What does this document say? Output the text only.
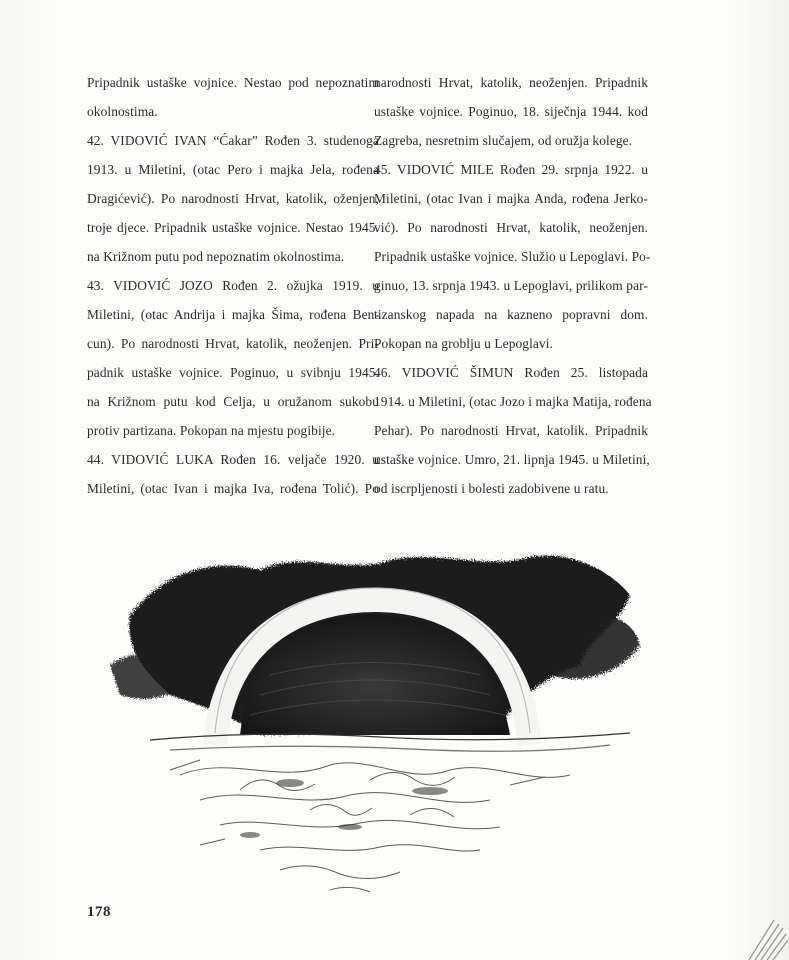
Pripadnik ustaške vojnice. Nestao pod nepoznatim
okolnostima.
42. VIDOVIĆ IVAN “Ćakar” Rođen 3. studenoga
1913. u Miletini, (otac Pero i majka Jela, rođena
Dragićević). Po narodnosti Hrvat, katolik, oženjen,
troje djece. Pripadnik ustaške vojnice. Nestao 1945.
na Križnom putu pod nepoznatim okolnostima.
43. VIDOVIĆ JOZO Rođen 2. ožujka 1919. u
Miletini, (otac Andrija i majka Šima, rođena Ben-
cun). Po narodnosti Hrvat, katolik, neoženjen. Pri-
padnik ustaške vojnice. Poginuo, u svibnju 1945.
na Križnom putu kod Celja, u oružanom sukobu
protiv partizana. Pokopan na mjestu pogibije.
44. VIDOVIĆ LUKA Rođen 16. veljače 1920. u
Miletini, (otac Ivan i majka Iva, rođena Tolić). Po
narodnosti Hrvat, katolik, neoženjen. Pripadnik
ustaške vojnice. Poginuo, 18. siječnja 1944. kod
Zagreba, nesretnim slučajem, od oružja kolege.
45. VIDOVIĆ MILE Rođen 29. srpnja 1922. u
Miletini, (otac Ivan i majka Anda, rođena Jerko-
vić). Po narodnosti Hrvat, katolik, neoženjen.
Pripadnik ustaške vojnice. Služio u Lepoglavi. Po-
ginuo, 13. srpnja 1943. u Lepoglavi, prilikom par-
tizanskog napada na kazneno popravni dom.
Pokopan na groblju u Lepoglavi.
46. VIDOVIĆ ŠIMUN Rođen 25. listopada
1914. u Miletini, (otac Jozo i majka Matija, rođena
Pehar). Po narodnosti Hrvat, katolik. Pripadnik
ustaške vojnice. Umro, 21. lipnja 1945. u Miletini,
od iscrpljenosti i bolesti zadobivene u ratu.
178
